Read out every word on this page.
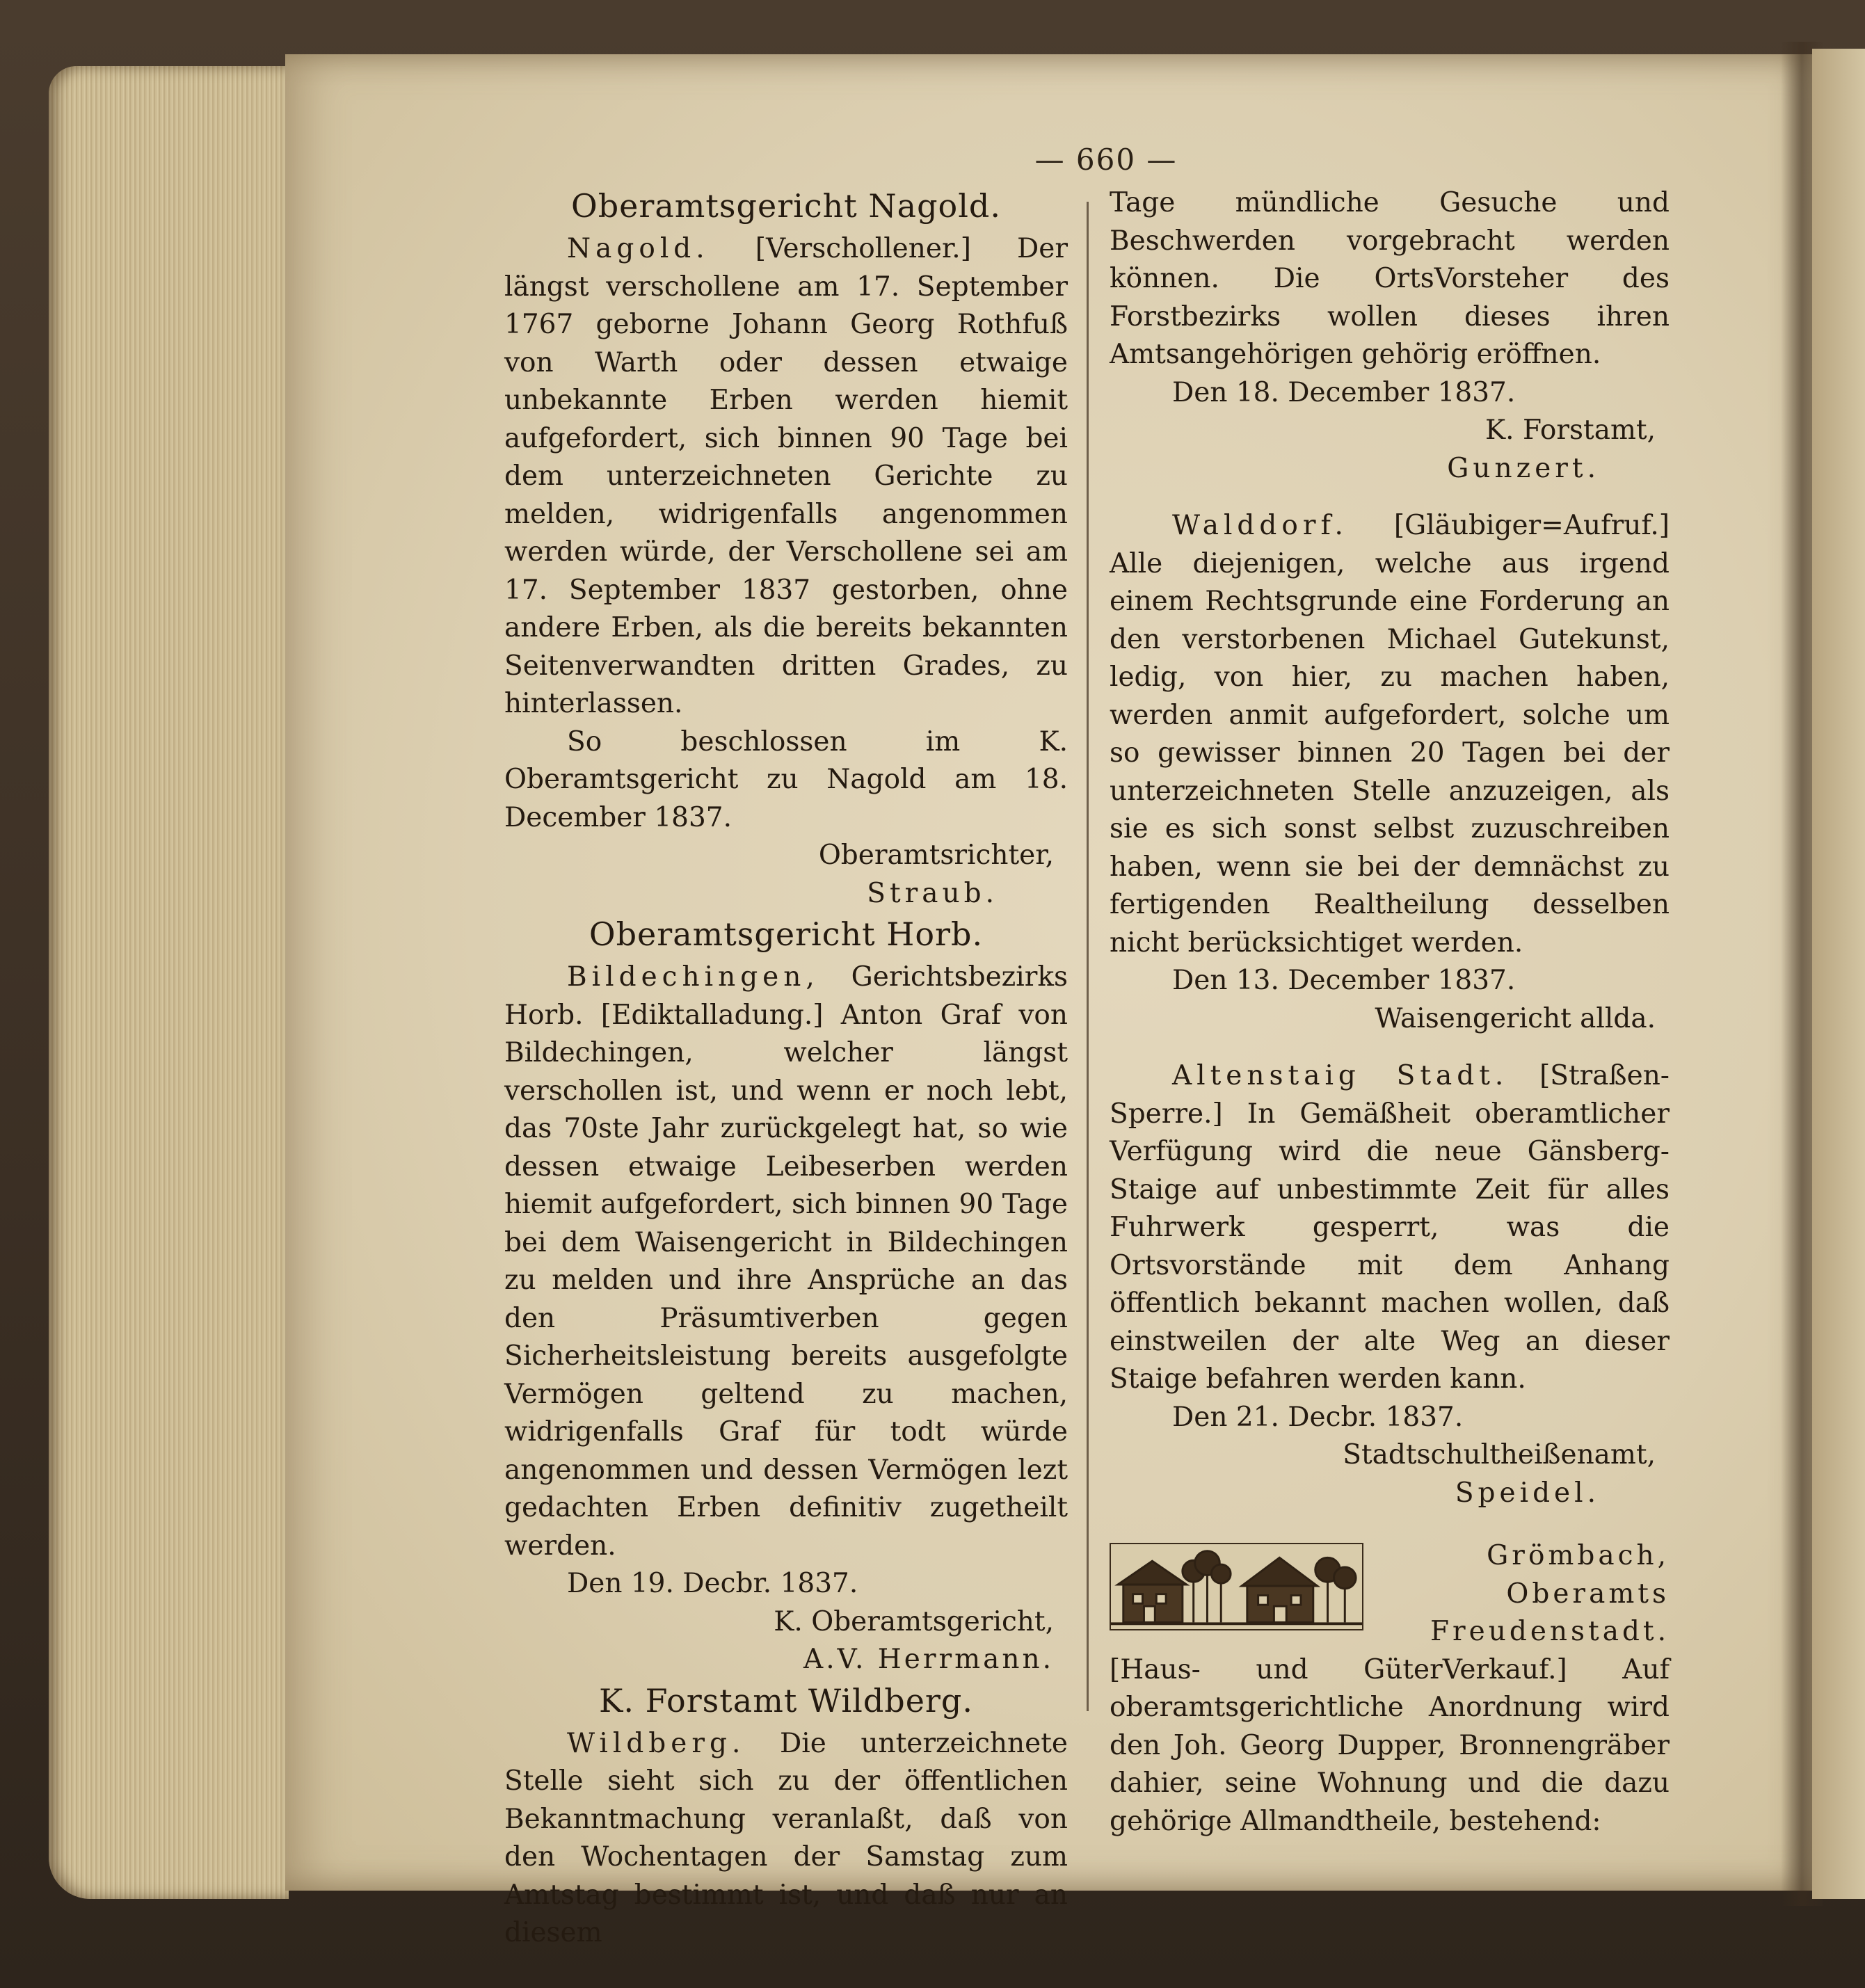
— 660 —
Oberamtsgericht Nagold.

Nagold. [Verschollener.] Der längst verschollene am 17. September 1767 geborne Johann Georg Rothfuß von Warth oder dessen etwaige unbekannte Erben werden hiemit aufgefordert, sich binnen 90 Tage bei dem unterzeichneten Gerichte zu melden, widrigenfalls angenommen werden würde, der Verschollene sei am 17. September 1837 gestorben, ohne andere Erben, als die bereits bekannten Seitenverwandten dritten Grades, zu hinterlassen.

So beschlossen im K. Oberamtsgericht zu Nagold am 18. December 1837.

Oberamtsrichter,

Straub.

Oberamtsgericht Horb.

Bildechingen, Gerichtsbezirks Horb. [Ediktalladung.] Anton Graf von Bildechingen, welcher längst verschollen ist, und wenn er noch lebt, das 70ste Jahr zurückgelegt hat, so wie dessen etwaige Leibeserben werden hiemit aufgefordert, sich binnen 90 Tage bei dem Waisengericht in Bildechingen zu melden und ihre Ansprüche an das den Präsumtiverben gegen Sicherheitsleistung bereits ausgefolgte Vermögen geltend zu machen, widrigenfalls Graf für todt würde angenommen und dessen Vermögen lezt gedachten Erben definitiv zugetheilt werden.

Den 19. Decbr. 1837.

K. Oberamtsgericht,

A.V. Herrmann.

K. Forstamt Wildberg.

Wildberg. Die unterzeichnete Stelle sieht sich zu der öffentlichen Bekanntmachung veranlaßt, daß von den Wochentagen der Samstag zum Amtstag bestimmt ist, und daß nur an diesem

Tage mündliche Gesuche und Beschwerden vorgebracht werden können. Die OrtsVorsteher des Forstbezirks wollen dieses ihren Amtsangehörigen gehörig eröffnen.

Den 18. December 1837.

K. Forstamt,

Gunzert.

Walddorf. [Gläubiger=Aufruf.] Alle diejenigen, welche aus irgend einem Rechtsgrunde eine Forderung an den verstorbenen Michael Gutekunst, ledig, von hier, zu machen haben, werden anmit aufgefordert, solche um so gewisser binnen 20 Tagen bei der unterzeichneten Stelle anzuzeigen, als sie es sich sonst selbst zuzuschreiben haben, wenn sie bei der demnächst zu fertigenden Realtheilung desselben nicht berücksichtiget werden.

Den 13. December 1837.

Waisengericht allda.

Altenstaig Stadt. [Straßen-Sperre.] In Gemäßheit oberamtlicher Verfügung wird die neue Gänsberg-Staige auf unbestimmte Zeit für alles Fuhrwerk gesperrt, was die Ortsvorstände mit dem Anhang öffentlich bekannt machen wollen, daß einstweilen der alte Weg an dieser Staige befahren werden kann.

Den 21. Decbr. 1837.

Stadtschultheißenamt,

Speidel.

Grömbach, Oberamts Freudenstadt.

[Haus- und GüterVerkauf.] Auf oberamtsgerichtliche Anordnung wird den Joh. Georg Dupper, Bronnengräber dahier, seine Wohnung und die dazu gehörige Allmandtheile, bestehend:
